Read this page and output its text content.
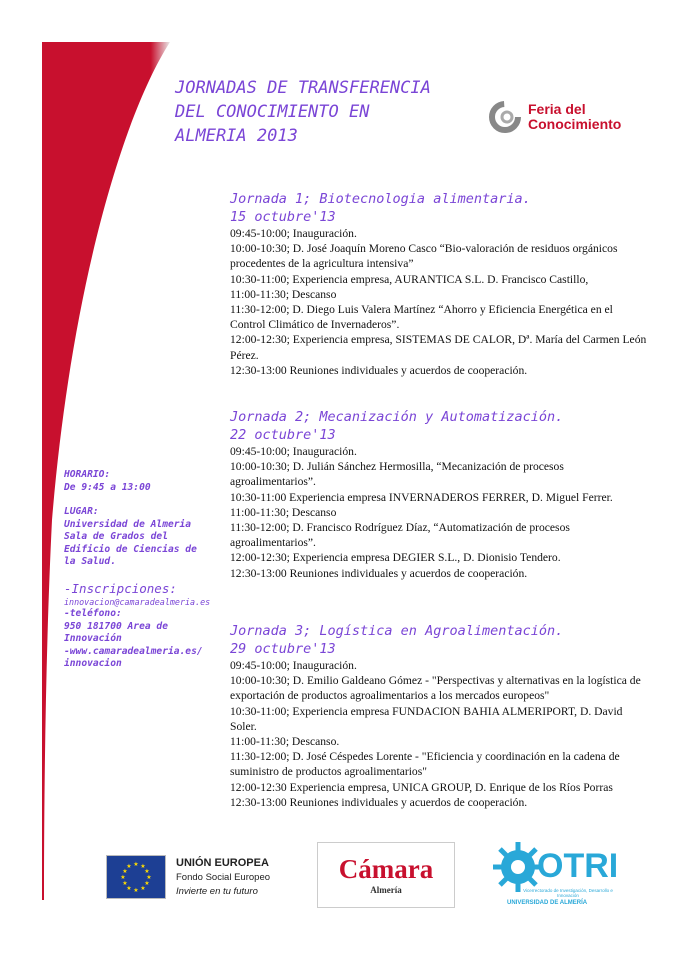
JORNADAS DE TRANSFERENCIA
DEL CONOCIMIENTO EN
ALMERIA 2013
Feria del
Conocimiento
Jornada 1; Biotecnologia alimentaria.
15 octubre'13
09:45-10:00; Inauguración.
10:00-10:30; D. José Joaquín Moreno Casco “Bio-valoración de residuos orgánicos procedentes de la agricultura intensiva”
10:30-11:00; Experiencia empresa, AURANTICA S.L. D. Francisco Castillo,
11:00-11:30; Descanso
11:30-12:00; D. Diego Luis Valera Martínez “Ahorro y Eficiencia Energética en el Control Climático de Invernaderos”.
12:00-12:30; Experiencia empresa, SISTEMAS DE CALOR, Dª. María del Carmen León Pérez.
12:30-13:00 Reuniones individuales y acuerdos de cooperación.
Jornada 2; Mecanización y Automatización.
22 octubre'13
09:45-10:00; Inauguración.
10:00-10:30; D. Julián Sánchez Hermosilla, “Mecanización de procesos agroalimentarios”.
10:30-11:00 Experiencia empresa INVERNADEROS FERRER, D. Miguel Ferrer.
11:00-11:30; Descanso
11:30-12:00; D. Francisco Rodríguez Díaz, “Automatización de procesos agroalimentarios”.
12:00-12:30; Experiencia empresa DEGIER S.L., D. Dionisio Tendero.
12:30-13:00 Reuniones individuales y acuerdos de cooperación.
Jornada 3; Logística en Agroalimentación.
29 octubre'13
09:45-10:00; Inauguración.
10:00-10:30; D. Emilio Galdeano Gómez - "Perspectivas y alternativas en la logística de exportación de productos agroalimentarios a los mercados europeos"
10:30-11:00; Experiencia empresa FUNDACION BAHIA ALMERIPORT, D. David Soler.
11:00-11:30; Descanso.
11:30-12:00; D. José Céspedes Lorente - "Eficiencia y coordinación en la cadena de suministro de productos agroalimentarios"
12:00-12:30 Experiencia empresa, UNICA GROUP, D. Enrique de los Ríos Porras
12:30-13:00 Reuniones individuales y acuerdos de cooperación.
HORARIO:
De 9:45 a 13:00
LUGAR:
Universidad de Almeria
Sala de Grados del
Edificio de Ciencias de
la Salud.
-Inscripciones:
innovacion@camaradealmeria.es
-teléfono:
950 181700 Area de Innovación
-www.camaradealmeria.es/ innovacion
★ ★
★
★
★
★
★
★
★
★
★
★	UNIÓN EUROPEA
Fondo Social Europeo
Invierte en tu futuro
Cámara
Almería
OTRI
Vicerrectorado de Investigación, Desarrollo e Innovación
UNIVERSIDAD DE ALMERÍA
